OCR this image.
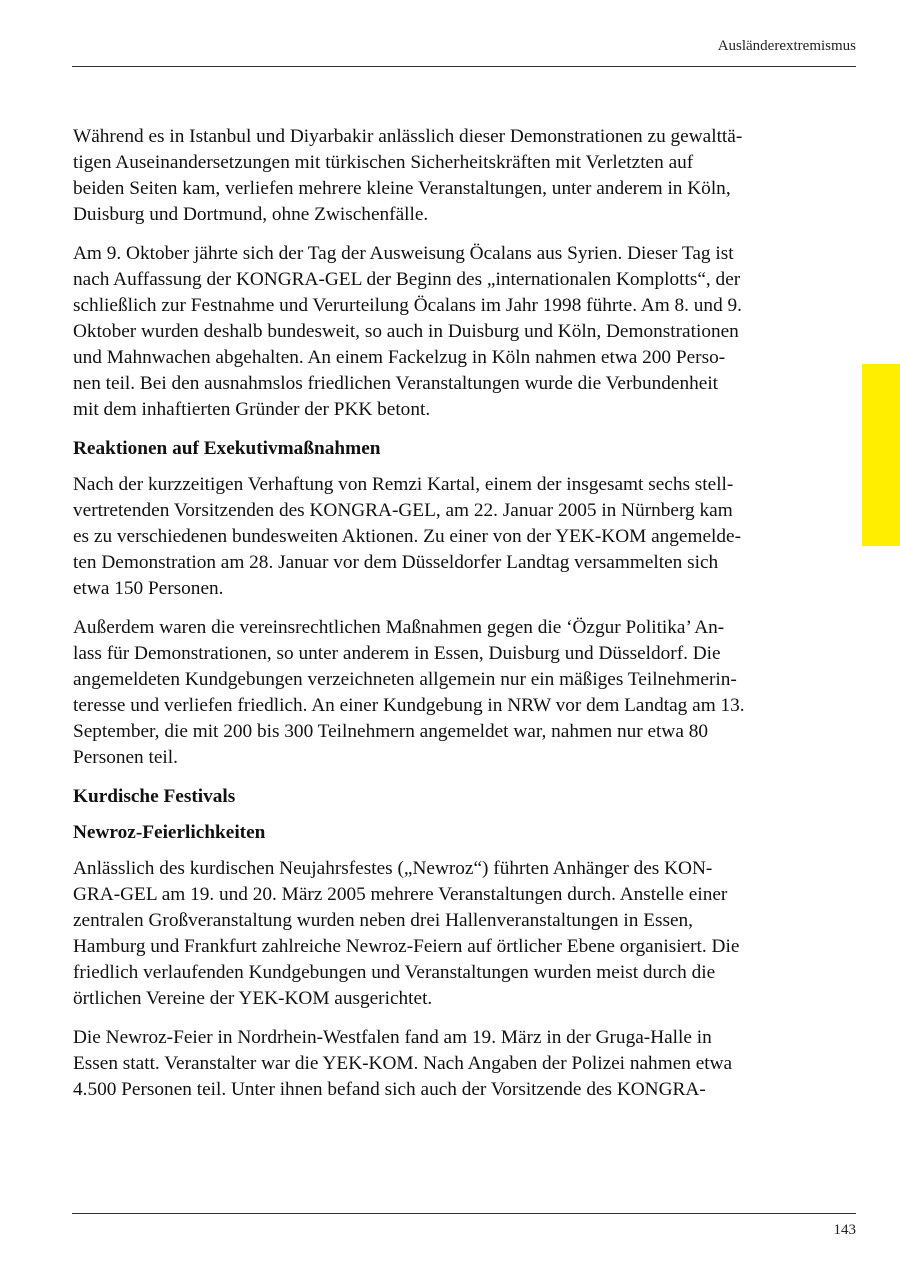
Ausländerextremismus

Während es in Istanbul und Diyarbakir anlässlich dieser Demonstrationen zu gewalttä-
tigen Auseinandersetzungen mit türkischen Sicherheitskräften mit Verletzten auf
beiden Seiten kam, verliefen mehrere kleine Veranstaltungen, unter anderem in Köln,
Duisburg und Dortmund, ohne Zwischenfälle.

Am 9. Oktober jährte sich der Tag der Ausweisung Öcalans aus Syrien. Dieser Tag ist
nach Auffassung der KONGRA-GEL der Beginn des „internationalen Komplotts“, der
schließlich zur Festnahme und Verurteilung Öcalans im Jahr 1998 führte. Am 8. und 9.
Oktober wurden deshalb bundesweit, so auch in Duisburg und Köln, Demonstrationen
und Mahnwachen abgehalten. An einem Fackelzug in Köln nahmen etwa 200 Perso-
nen teil. Bei den ausnahmslos friedlichen Veranstaltungen wurde die Verbundenheit
mit dem inhaftierten Gründer der PKK betont.

Reaktionen auf Exekutivmaßnahmen

Nach der kurzzeitigen Verhaftung von Remzi Kartal, einem der insgesamt sechs stell-
vertretenden Vorsitzenden des KONGRA-GEL, am 22. Januar 2005 in Nürnberg kam
es zu verschiedenen bundesweiten Aktionen. Zu einer von der YEK-KOM angemelde-
ten Demonstration am 28. Januar vor dem Düsseldorfer Landtag versammelten sich
etwa 150 Personen.

Außerdem waren die vereinsrechtlichen Maßnahmen gegen die ‘Özgur Politika’ An-
lass für Demonstrationen, so unter anderem in Essen, Duisburg und Düsseldorf. Die
angemeldeten Kundgebungen verzeichneten allgemein nur ein mäßiges Teilnehmerin-
teresse und verliefen friedlich. An einer Kundgebung in NRW vor dem Landtag am 13.
September, die mit 200 bis 300 Teilnehmern angemeldet war, nahmen nur etwa 80
Personen teil.

Kurdische Festivals
Newroz-Feierlichkeiten

Anlässlich des kurdischen Neujahrsfestes („Newroz“) führten Anhänger des KON-
GRA-GEL am 19. und 20. März 2005 mehrere Veranstaltungen durch. Anstelle einer
zentralen Großveranstaltung wurden neben drei Hallenveranstaltungen in Essen,
Hamburg und Frankfurt zahlreiche Newroz-Feiern auf örtlicher Ebene organisiert. Die
friedlich verlaufenden Kundgebungen und Veranstaltungen wurden meist durch die
örtlichen Vereine der YEK-KOM ausgerichtet.

Die Newroz-Feier in Nordrhein-Westfalen fand am 19. März in der Gruga-Halle in
Essen statt. Veranstalter war die YEK-KOM. Nach Angaben der Polizei nahmen etwa
4.500 Personen teil. Unter ihnen befand sich auch der Vorsitzende des KONGRA-

143
